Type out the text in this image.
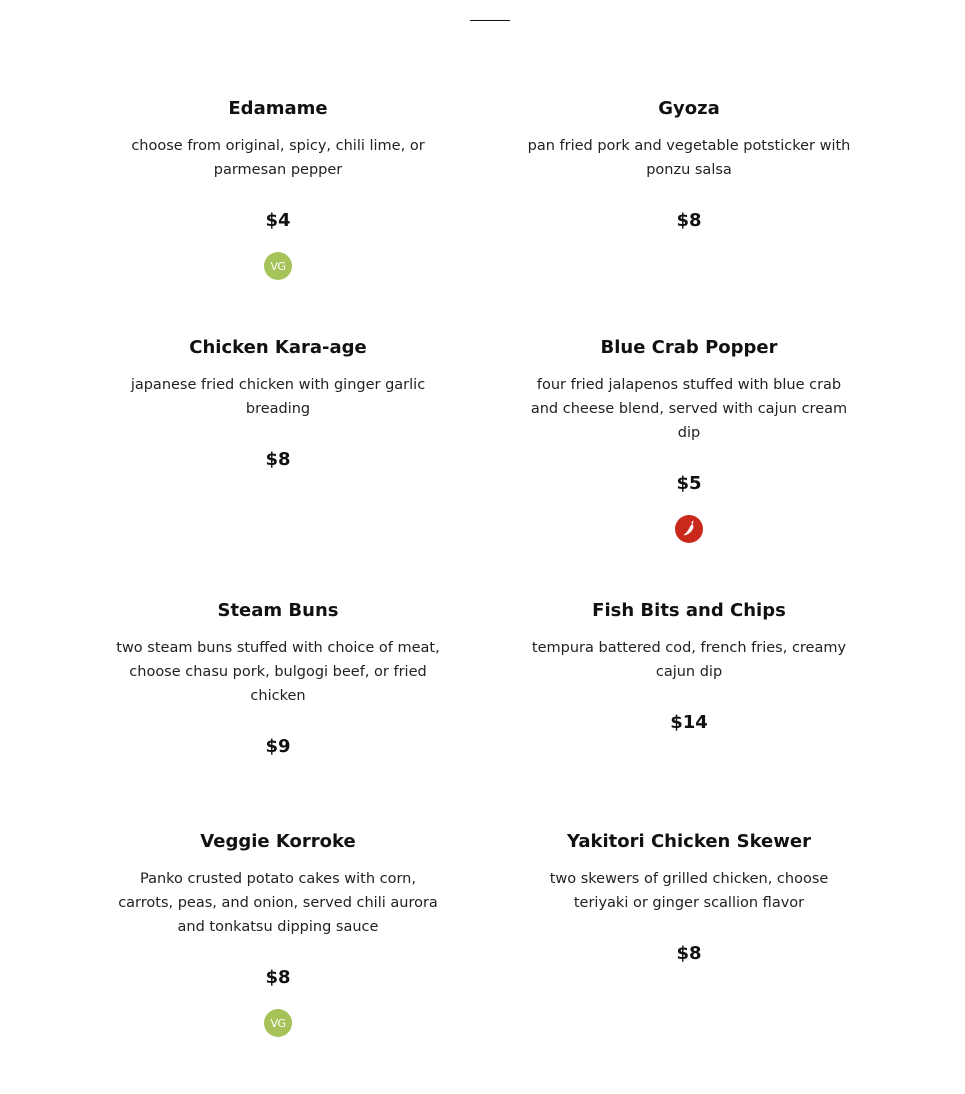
Edamame
choose from original, spicy, chili lime, or parmesan pepper
$4
VG
Gyoza
pan fried pork and vegetable potsticker with ponzu salsa
$8
Chicken Kara-age
japanese fried chicken with ginger garlic breading
$8
Blue Crab Popper
four fried jalapenos stuffed with blue crab and cheese blend, served with cajun cream dip
$5
Steam Buns
two steam buns stuffed with choice of meat, choose chasu pork, bulgogi beef, or fried chicken
$9
Fish Bits and Chips
tempura battered cod, french fries, creamy cajun dip
$14
Veggie Korroke
Panko crusted potato cakes with corn, carrots, peas, and onion, served chili aurora and tonkatsu dipping sauce
$8
VG
Yakitori Chicken Skewer
two skewers of grilled chicken, choose teriyaki or ginger scallion flavor
$8
